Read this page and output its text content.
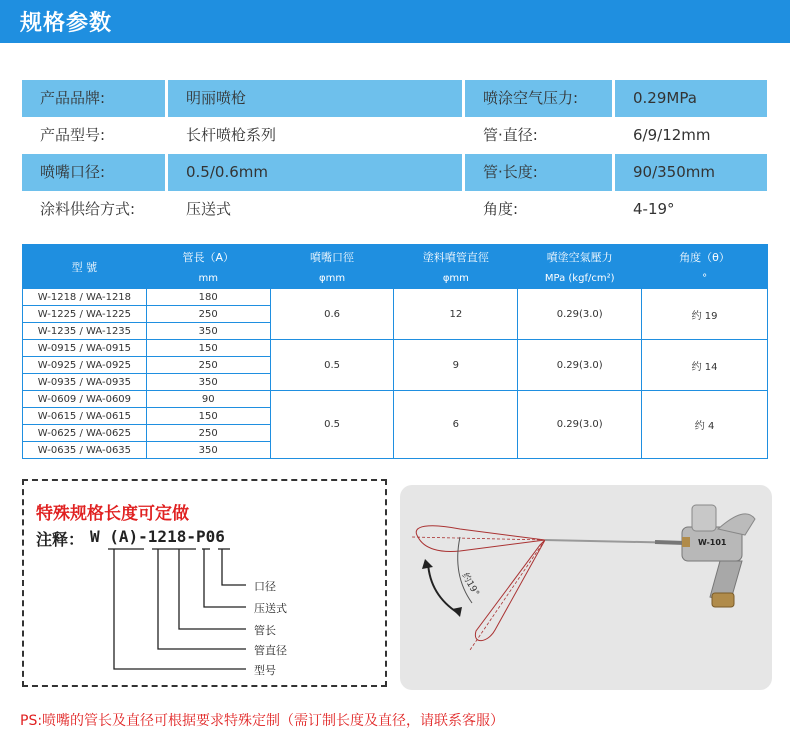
规格参数
产品品牌:	明丽喷枪	喷涂空气压力:	0.29MPa
产品型号:	长杆喷枪系列	管·直径:	6/9/12mm
喷嘴口径:	0.5/0.6mm	管·长度:	90/350mm
涂料供给方式:	压送式	角度:	4-19°
型 號	管長（A）	噴嘴口徑	塗料噴管直徑	噴塗空氣壓力	角度（θ）
	mm	φmm	φmm	MPa (kgf/cm²)	°
W-1218 / WA-1218	180	0.6	12	0.29(3.0)	约 19
W-1225 / WA-1225	250				
W-1235 / WA-1235	350				
W-0915 / WA-0915	150	0.5	9	0.29(3.0)	约 14
W-0925 / WA-0925	250				
W-0935 / WA-0935	350				
W-0609 / WA-0609	90	0.5	6	0.29(3.0)	约 4
W-0615 / WA-0615	150				
W-0625 / WA-0625	250				
W-0635 / WA-0635	350				
特殊规格长度可定做
注释： W (A)-1218-P06
口径
压送式
管长
管直径
型号
约19°
W-101
PS:喷嘴的管长及直径可根据要求特殊定制（需订制长度及直径，请联系客服）
